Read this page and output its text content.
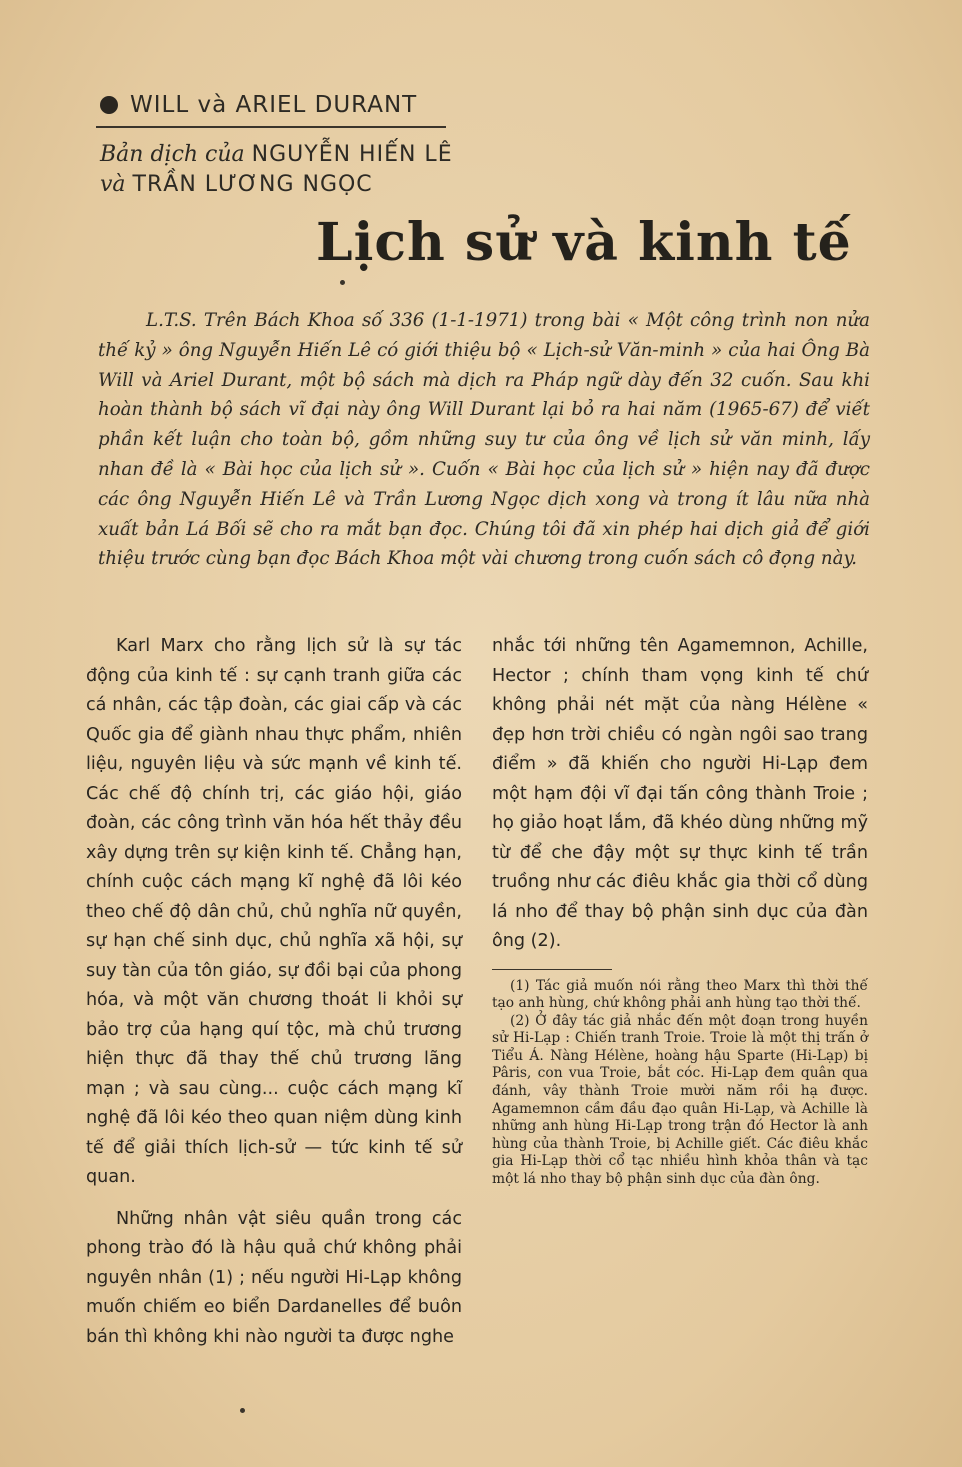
WILL và ARIEL DURANT
Bản dịch của NGUYỄN HIẾN LÊ
và TRẦN LƯƠNG NGỌC
Lịch sử và kinh tế
L.T.S. Trên Bách Khoa số 336 (1-1-1971) trong bài « Một công trình non nửa thế kỷ » ông Nguyễn Hiến Lê có giới thiệu bộ « Lịch-sử Văn-minh » của hai Ông Bà Will và Ariel Durant, một bộ sách mà dịch ra Pháp ngữ dày đến 32 cuốn. Sau khi hoàn thành bộ sách vĩ đại này ông Will Durant lại bỏ ra hai năm (1965-67) để viết phần kết luận cho toàn bộ, gồm những suy tư của ông về lịch sử văn minh, lấy nhan đề là « Bài học của lịch sử ». Cuốn « Bài học của lịch sử » hiện nay đã được các ông Nguyễn Hiến Lê và Trần Lương Ngọc dịch xong và trong ít lâu nữa nhà xuất bản Lá Bối sẽ cho ra mắt bạn đọc. Chúng tôi đã xin phép hai dịch giả để giới thiệu trước cùng bạn đọc Bách Khoa một vài chương trong cuốn sách cô đọng này.

Karl Marx cho rằng lịch sử là sự tác động của kinh tế : sự cạnh tranh giữa các cá nhân, các tập đoàn, các giai cấp và các Quốc gia để giành nhau thực phẩm, nhiên liệu, nguyên liệu và sức mạnh về kinh tế. Các chế độ chính trị, các giáo hội, giáo đoàn, các công trình văn hóa hết thảy đều xây dựng trên sự kiện kinh tế. Chẳng hạn, chính cuộc cách mạng kĩ nghệ đã lôi kéo theo chế độ dân chủ, chủ nghĩa nữ quyền, sự hạn chế sinh dục, chủ nghĩa xã hội, sự suy tàn của tôn giáo, sự đồi bại của phong hóa, và một văn chương thoát li khỏi sự bảo trợ của hạng quí tộc, mà chủ trương hiện thực đã thay thế chủ trương lãng mạn ; và sau cùng... cuộc cách mạng kĩ nghệ đã lôi kéo theo quan niệm dùng kinh tế để giải thích lịch-sử — tức kinh tế sử quan.

Những nhân vật siêu quần trong các phong trào đó là hậu quả chứ không phải nguyên nhân (1) ; nếu người Hi-Lạp không muốn chiếm eo biển Dardanelles để buôn bán thì không khi nào người ta được nghe

nhắc tới những tên Agamemnon, Achille, Hector ; chính tham vọng kinh tế chứ không phải nét mặt của nàng Hélène « đẹp hơn trời chiều có ngàn ngôi sao trang điểm » đã khiến cho người Hi-Lạp đem một hạm đội vĩ đại tấn công thành Troie ; họ giảo hoạt lắm, đã khéo dùng những mỹ từ để che đậy một sự thực kinh tế trần truồng như các điêu khắc gia thời cổ dùng lá nho để thay bộ phận sinh dục của đàn ông (2).

(1) Tác giả muốn nói rằng theo Marx thì thời thế tạo anh hùng, chứ không phải anh hùng tạo thời thế.

(2) Ở đây tác giả nhắc đến một đoạn trong huyền sử Hi-Lạp : Chiến tranh Troie. Troie là một thị trấn ở Tiểu Á. Nàng Hélène, hoàng hậu Sparte (Hi-Lạp) bị Pâris, con vua Troie, bắt cóc. Hi-Lạp đem quân qua đánh, vây thành Troie mười năm rồi hạ được. Agamemnon cầm đầu đạo quân Hi-Lạp, và Achille là những anh hùng Hi-Lạp trong trận đó Hector là anh hùng của thành Troie, bị Achille giết. Các điêu khắc gia Hi-Lạp thời cổ tạc nhiều hình khỏa thân và tạc một lá nho thay bộ phận sinh dục của đàn ông.
